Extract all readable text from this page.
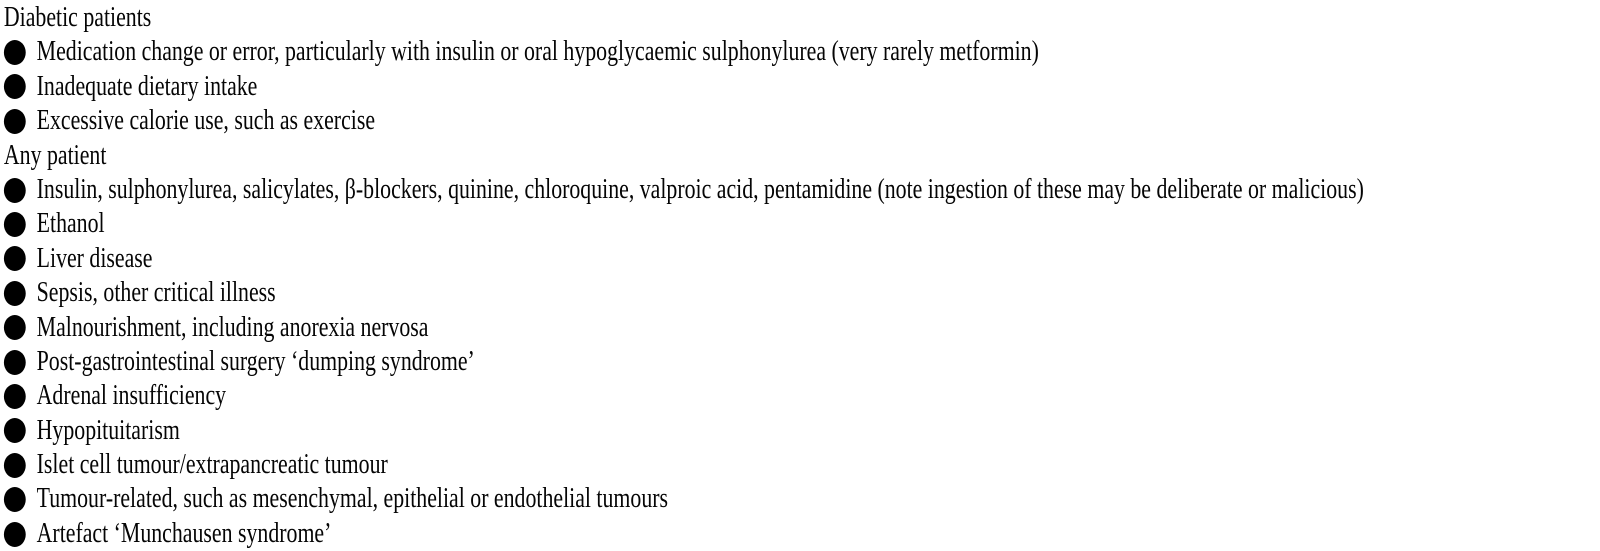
Diabetic patients
Medication change or error, particularly with insulin or oral hypoglycaemic sulphonylurea (very rarely metformin)
Inadequate dietary intake
Excessive calorie use, such as exercise
Any patient
Insulin, sulphonylurea, salicylates, β-blockers, quinine, chloroquine, valproic acid, pentamidine (note ingestion of these may be deliberate or malicious)
Ethanol
Liver disease
Sepsis, other critical illness
Malnourishment, including anorexia nervosa
Post-gastrointestinal surgery ‘dumping syndrome’
Adrenal insufficiency
Hypopituitarism
Islet cell tumour/extrapancreatic tumour
Tumour-related, such as mesenchymal, epithelial or endothelial tumours
Artefact ‘Munchausen syndrome’
